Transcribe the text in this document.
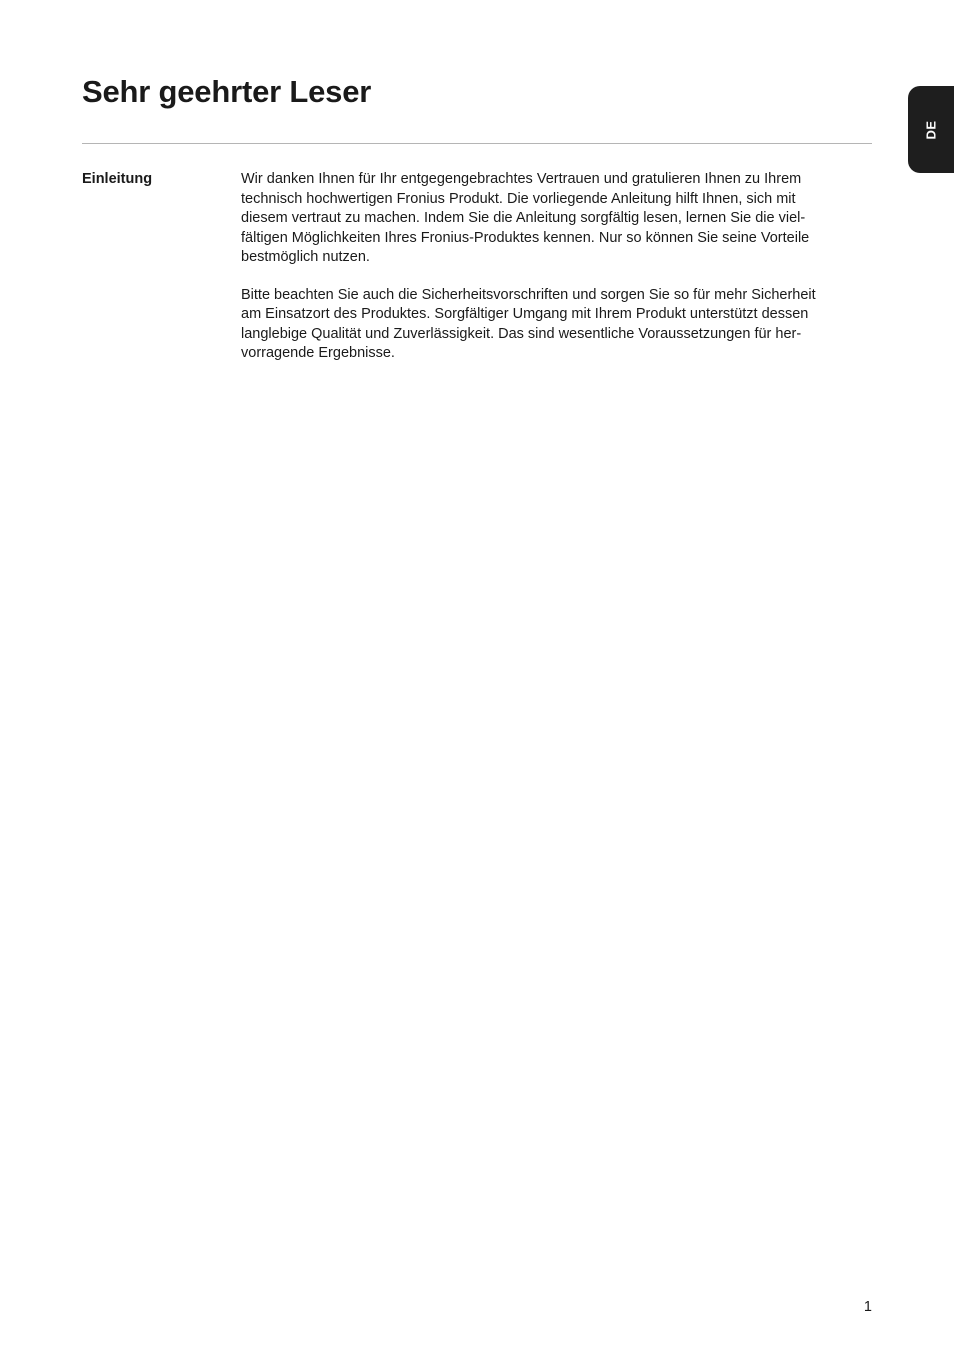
Sehr geehrter Leser
DE
Einleitung	Wir danken Ihnen für Ihr entgegengebrachtes Vertrauen und gratulieren Ihnen zu Ihrem
technisch hochwertigen Fronius Produkt. Die vorliegende Anleitung hilft Ihnen, sich mit
diesem vertraut zu machen. Indem Sie die Anleitung sorgfältig lesen, lernen Sie die viel-
fältigen Möglichkeiten Ihres Fronius-Produktes kennen. Nur so können Sie seine Vorteile
bestmöglich nutzen.

Bitte beachten Sie auch die Sicherheitsvorschriften und sorgen Sie so für mehr Sicherheit
am Einsatzort des Produktes. Sorgfältiger Umgang mit Ihrem Produkt unterstützt dessen
langlebige Qualität und Zuverlässigkeit. Das sind wesentliche Voraussetzungen für her-
vorragende Ergebnisse.

1
